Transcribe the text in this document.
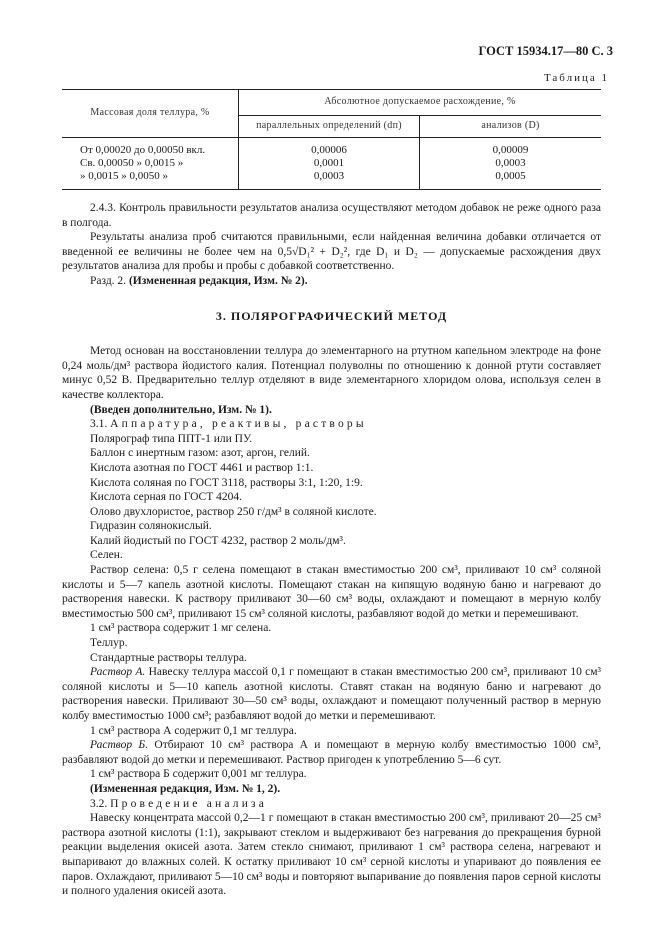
ГОСТ 15934.17—80 С. 3
Таблица 1
Массовая доля теллура, %	Абсолютное допускаемое расхождение, %	
	параллельных определений (dп)	анализов (D)
От 0,00020 до 0,00050 вкл.	0,00006	0,00009
Св. 0,00050 » 0,0015 »	0,0001	0,0003
» 0,0015 » 0,0050 »	0,0003	0,0005

2.4.3. Контроль правильности результатов анализа осуществляют методом добавок не реже одного раза в полгода.

Результаты анализа проб считаются правильными, если найденная величина добавки отличается от введенной ее величины не более чем на 0,5√D₁² + D₂², где D₁ и D₂ — допускаемые расхождения двух результатов анализа для пробы и пробы с добавкой соответственно.

Разд. 2. (Измененная редакция, Изм. № 2).

3. ПОЛЯРОГРАФИЧЕСКИЙ МЕТОД

Метод основан на восстановлении теллура до элементарного на ртутном капельном электроде на фоне 0,24 моль/дм³ раствора йодистого калия. Потенциал полуволны по отношению к донной ртути составляет минус 0,52 В. Предварительно теллур отделяют в виде элементарного хлоридом олова, используя селен в качестве коллектора.

(Введен дополнительно, Изм. № 1).

3.1. Аппаратура, реактивы, растворы

Полярограф типа ППТ-1 или ПУ.

Баллон с инертным газом: азот, аргон, гелий.

Кислота азотная по ГОСТ 4461 и раствор 1:1.

Кислота соляная по ГОСТ 3118, растворы 3:1, 1:20, 1:9.

Кислота серная по ГОСТ 4204.

Олово двухлористое, раствор 250 г/дм³ в соляной кислоте.

Гидразин солянокислый.

Калий йодистый по ГОСТ 4232, раствор 2 моль/дм³.

Селен.

Раствор селена: 0,5 г селена помещают в стакан вместимостью 200 см³, приливают 10 см³ соляной кислоты и 5—7 капель азотной кислоты. Помещают стакан на кипящую водяную баню и нагревают до растворения навески. К раствору приливают 30—60 см³ воды, охлаждают и помещают в мерную колбу вместимостью 500 см³, приливают 15 см³ соляной кислоты, разбавляют водой до метки и перемешивают.

1 см³ раствора содержит 1 мг селена.

Теллур.

Стандартные растворы теллура.

Раствор А. Навеску теллура массой 0,1 г помещают в стакан вместимостью 200 см³, приливают 10 см³ соляной кислоты и 5—10 капель азотной кислоты. Ставят стакан на водяную баню и нагревают до растворения навески. Приливают 30—50 см³ воды, охлаждают и помещают полученный раствор в мерную колбу вместимостью 1000 см³; разбавляют водой до метки и перемешивают.

1 см³ раствора А содержит 0,1 мг теллура.

Раствор Б. Отбирают 10 см³ раствора А и помещают в мерную колбу вместимостью 1000 см³, разбавляют водой до метки и перемешивают. Раствор пригоден к употреблению 5—6 сут.

1 см³ раствора Б содержит 0,001 мг теллура.

(Измененная редакция, Изм. № 1, 2).

3.2. Проведение анализа

Навеску концентрата массой 0,2—1 г помещают в стакан вместимостью 200 см³, приливают 20—25 см³ раствора азотной кислоты (1:1), закрывают стеклом и выдерживают без нагревания до прекращения бурной реакции выделения окисей азота. Затем стекло снимают, приливают 1 см³ раствора селена, нагревают и выпаривают до влажных солей. К остатку приливают 10 см³ серной кислоты и упаривают до появления ее паров. Охлаждают, приливают 5—10 см³ воды и повторяют выпаривание до появления паров серной кислоты и полного удаления окисей азота.
